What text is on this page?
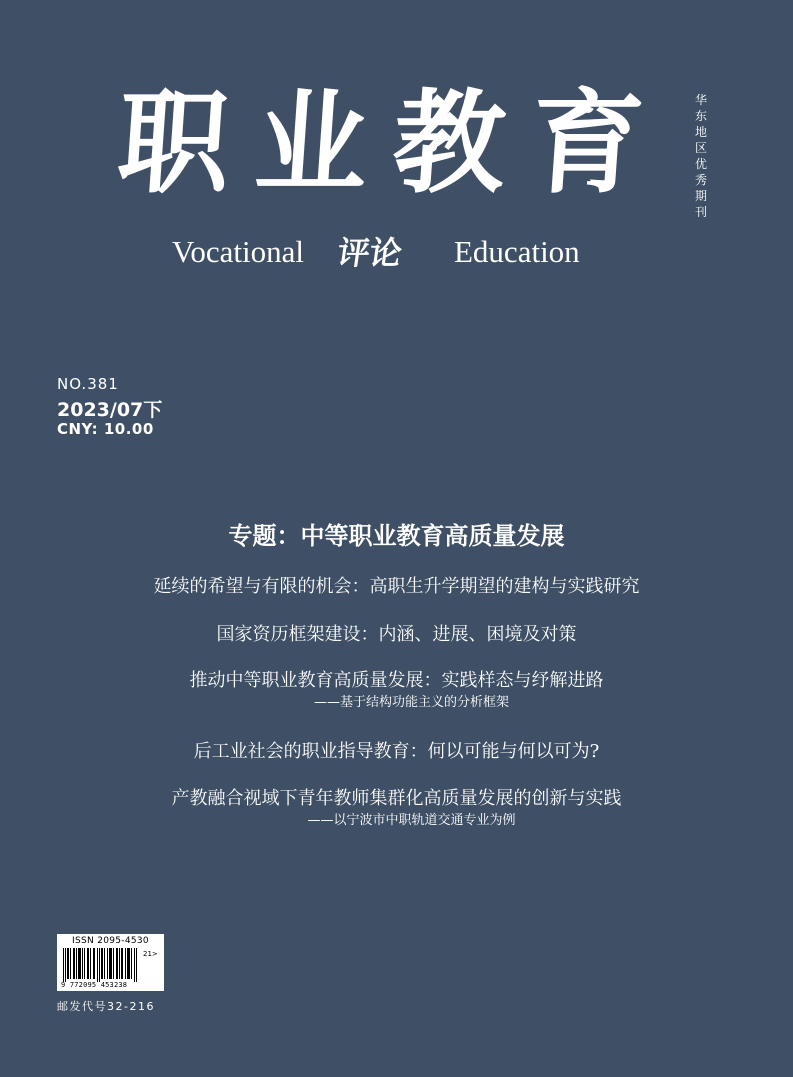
职 业 教 育
Vocational 评论 Education
华东地区优秀期刊
NO.381
2023/07下
CNY: 10.00
专题：中等职业教育高质量发展
延续的希望与有限的机会：高职生升学期望的建构与实践研究
国家资历框架建设：内涵、进展、困境及对策
推动中等职业教育高质量发展：实践样态与纾解进路
——基于结构功能主义的分析框架
后工业社会的职业指导教育：何以可能与何以可为?
产教融合视域下青年教师集群化高质量发展的创新与实践
——以宁波市中职轨道交通专业为例
ISSN 2095-4530
21>
9 772095 453238
邮发代号32-216
